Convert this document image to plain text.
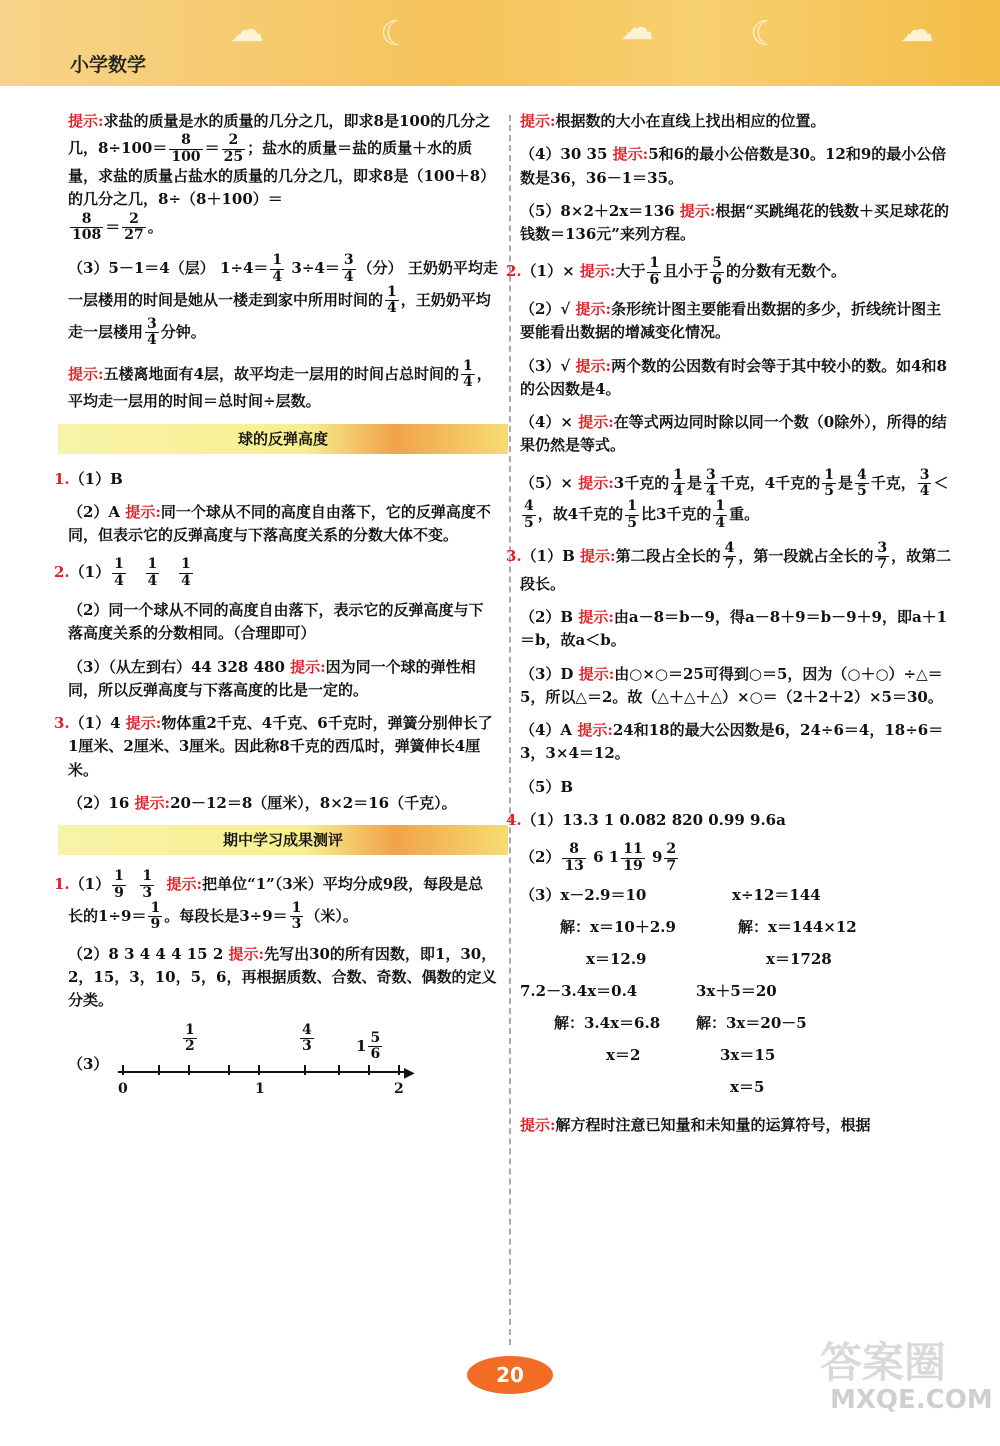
☁	☾	☁	☾	☁
小学数学

提示:求盐的质量是水的质量的几分之几，即求8是100的几分之几，$8\div 100= \frac{8}{100} = \frac{2}{25}$ ；盐水的质量＝盐的质量＋水的质量，求盐的质量占盐水的质量的几分之几，即求8是（100＋8）的几分之几，8÷（8＋100）＝

$\frac{8}{108} = \frac{2}{27}$ 。

（3）5－1＝4（层） $1\div 4= \frac{1}{4} 3\div 4= \frac{3}{4}$ （分） 王奶奶平均走一层楼用的时间是她从一楼走到家中所用时间的 $\frac{1}{4}$ ，王奶奶平均走一层楼用 $\frac{3}{4}$ 分钟。

提示:五楼离地面有4层，故平均走一层用的时间占总时间的 $\frac{1}{4}$ ，平均走一层用的时间＝总时间÷层数。

球的反弹高度

1.（1）B

（2）A 提示:同一个球从不同的高度自由落下，它的反弹高度不同，但表示它的反弹高度与下落高度关系的分数大体不变。

$2.(1) \frac{1}{4}$
$\frac{1}{4}$
$\frac{1}{4}$

（2）同一个球从不同的高度自由落下，表示它的反弹高度与下落高度关系的分数相同。（合理即可）

（3）（从左到右）44 328 480 提示:因为同一个球的弹性相同，所以反弹高度与下落高度的比是一定的。

3.（1）4 提示:物体重2千克、4千克、6千克时，弹簧分别伸长了1厘米、2厘米、3厘米。因此称8千克的西瓜时，弹簧伸长4厘米。

（2）16 提示:20－12＝8（厘米），8×2＝16（千克）。

期中学习成果测评

$1.(1) \frac{1}{9}$
$\frac{1}{3}$ 提示:把单位“1”（3米）平均分成9段，每段是总长的$1\div 9= \frac{1}{9}$ 。每段长是$3\div 9= \frac{1}{3}$ （米）。

（2）8 3 4 4 4 15 2 提示:先写出30的所有因数，即1，30，2，15，3，10，5，6，再根据质数、合数、奇数、偶数的定义分类。

（3）	▶
0	1	2
$\frac{1}{2}$	$\frac{4}{3}$	$1 \frac{5}{6}$

提示:根据数的大小在直线上找出相应的位置。

（4）30 35 提示:5和6的最小公倍数是30。12和9的最小公倍数是36，36－1＝35。

（5）8×2＋2x＝136 提示:根据“买跳绳花的钱数＋买足球花的钱数＝136元”来列方程。

2.（1）× 提示:大于 $\frac{1}{6}$ 且小于 $\frac{5}{6}$ 的分数有无数个。

（2）√ 提示:条形统计图主要能看出数据的多少，折线统计图主要能看出数据的增减变化情况。

（3）√ 提示:两个数的公因数有时会等于其中较小的数。如4和8的公因数是4。

（4）× 提示:在等式两边同时除以同一个数（0除外），所得的结果仍然是等式。

（5）× 提示:3千克的 $\frac{1}{4}$ 是 $\frac{3}{4}$ 千克，4千克的 $\frac{1}{5}$ 是 $\frac{4}{5}$ 千克， $\frac{3}{4}$ ＜
$\frac{4}{5}$ ，故4千克的 $\frac{1}{5}$ 比3千克的 $\frac{1}{4}$ 重。

3.（1）B 提示:第二段占全长的 $\frac{4}{7}$ ，第一段就占全长的 $\frac{3}{7}$ ，故第二段长。

（2）B 提示:由a－8＝b－9，得a－8＋9＝b－9＋9，即a＋1＝b，故a＜b。

（3）D 提示:由○×○＝25可得到○＝5，因为（○＋○）÷△＝5，所以△＝2。故（△＋△＋△）×○＝（2＋2＋2）×5＝30。

（4）A 提示:24和18的最大公因数是6，24÷6＝4，18÷6＝3，3×4＝12。

（5）B

4.（1）13.3 1 0.082 820 0.99 9.6a

$(2) \frac{8}{13} 6$ $1 \frac{11}{19} 9 \frac{2}{7}$

（3）x－2.9＝10	x÷12＝144
解：x＝10＋2.9	解：x＝144×12
x＝12.9	x＝1728
7.2－3.4x＝0.4	3x＋5＝20
解：3.4x＝6.8 解：3x＝20－5
x＝2	3x＝15
x＝5

提示:解方程时注意已知量和未知量的运算符号，根据

20	答案圈
MXQE.COM
